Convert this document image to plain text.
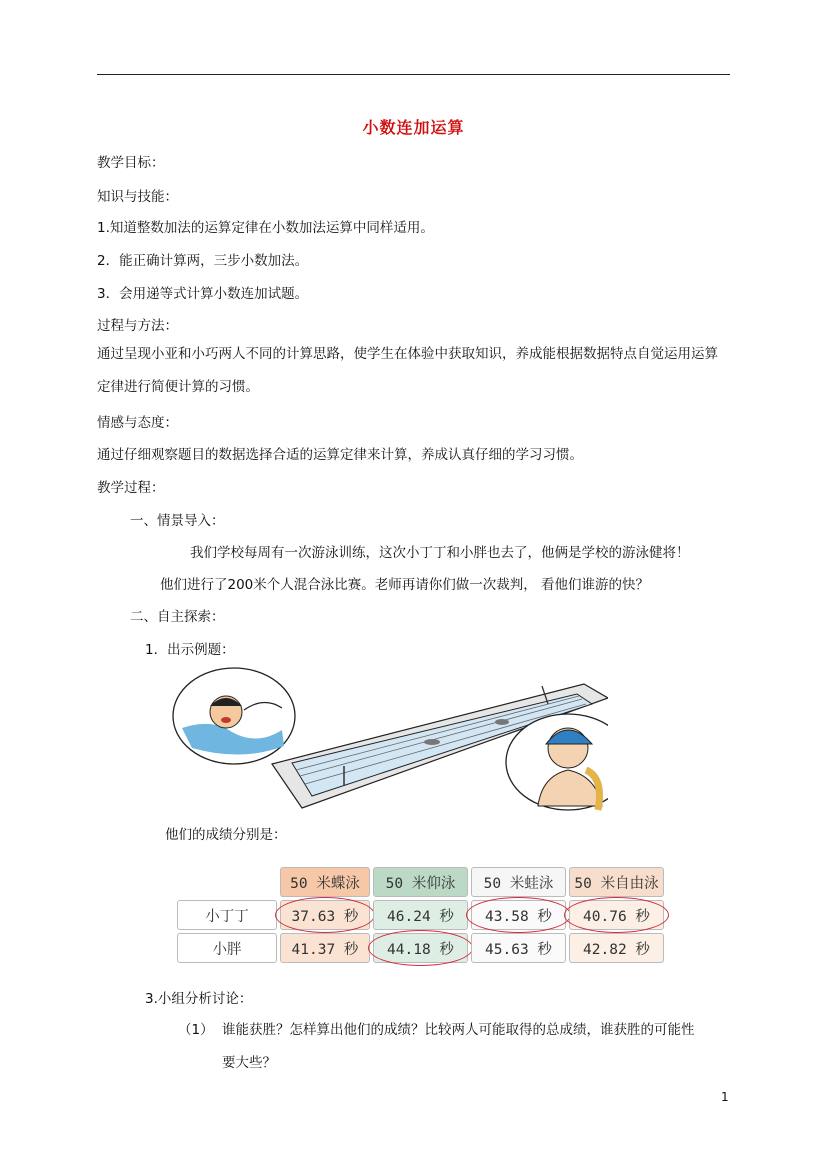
小数连加运算
教学目标：
知识与技能：
1.知道整数加法的运算定律在小数加法运算中同样适用。
2．能正确计算两，三步小数加法。
3．会用递等式计算小数连加试题。
过程与方法：
通过呈现小亚和小巧两人不同的计算思路，使学生在体验中获取知识，养成能根据数据特点自觉运用运算定律进行简便计算的习惯。
情感与态度：
通过仔细观察题目的数据选择合适的运算定律来计算，养成认真仔细的学习习惯。
教学过程：
一、情景导入：
我们学校每周有一次游泳训练，这次小丁丁和小胖也去了，他俩是学校的游泳健将！
他们进行了200米个人混合泳比赛。老师再请你们做一次裁判， 看他们谁游的快？
二、自主探索：
1．出示例题：
他们的成绩分别是：
	50 米蝶泳	50 米仰泳	50 米蛙泳	50 米自由泳
小丁丁	37.63 秒	46.24 秒	43.58 秒	40.76 秒
小胖	41.37 秒	44.18 秒	45.63 秒	42.82 秒
3.小组分析讨论：
（1） 谁能获胜？怎样算出他们的成绩？比较两人可能取得的总成绩，谁获胜的可能性
要大些？
1
